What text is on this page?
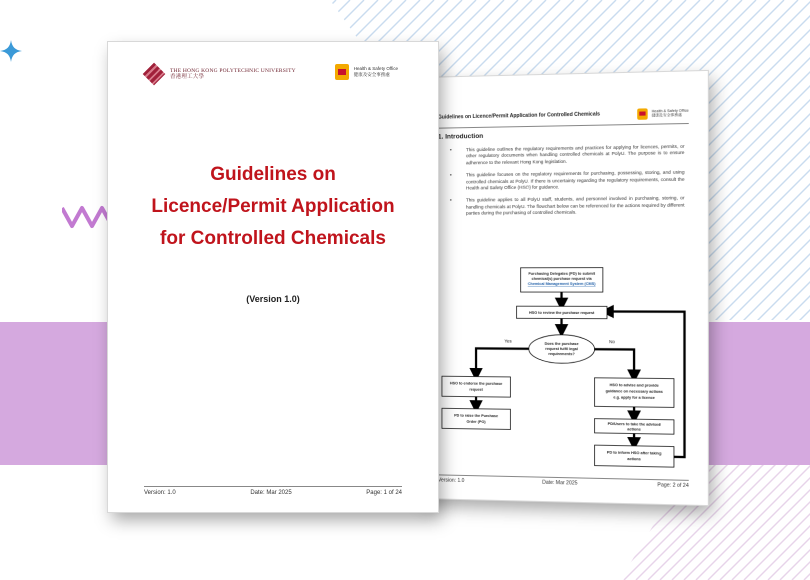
Guidelines on Licence/Permit Application for Controlled Chemicals
Health & Safety Office
健康及安全事務處
1. Introduction
• This guideline outlines the regulatory requirements and practices for applying for licences, permits, or other regulatory documents when handling controlled chemicals at PolyU. The purpose is to ensure adherence to the relevant Hong Kong legislation.
• This guideline focuses on the regulatory requirements for purchasing, possessing, storing, and using controlled chemicals at PolyU. If there is uncertainty regarding the regulatory requirements, consult the Health and Safety Office (HSO) for guidance.
• This guideline applies to all PolyU staff, students, and personnel involved in purchasing, storing, or handling chemicals at PolyU. The flowchart below can be referenced for the actions required by different parties during the purchasing of controlled chemicals.
Purchasing Delegates (PD) to submit
chemical(s) purchase request via
Chemical Management System (CMS)
HSO to review the purchase request
Does the purchase
request fulfil legal
requirements?
HSO to endorse the purchase
request
PD to raise the Purchase
Order (PO)
HSO to advise and provide
guidance on necessary actions
e.g. apply for a licence
PD/Users to take the advised
actions
PD to inform HSO after taking
actions
Yes	No
Version: 1.0	Date: Mar 2025	Page: 2 of 24
THE HONG KONG POLYTECHNIC UNIVERSITY
香港理工大學
Health & Safety Office
健康及安全事務處
Guidelines on
Licence/Permit Application
for Controlled Chemicals
(Version 1.0)
Version: 1.0	Date: Mar 2025	Page: 1 of 24
